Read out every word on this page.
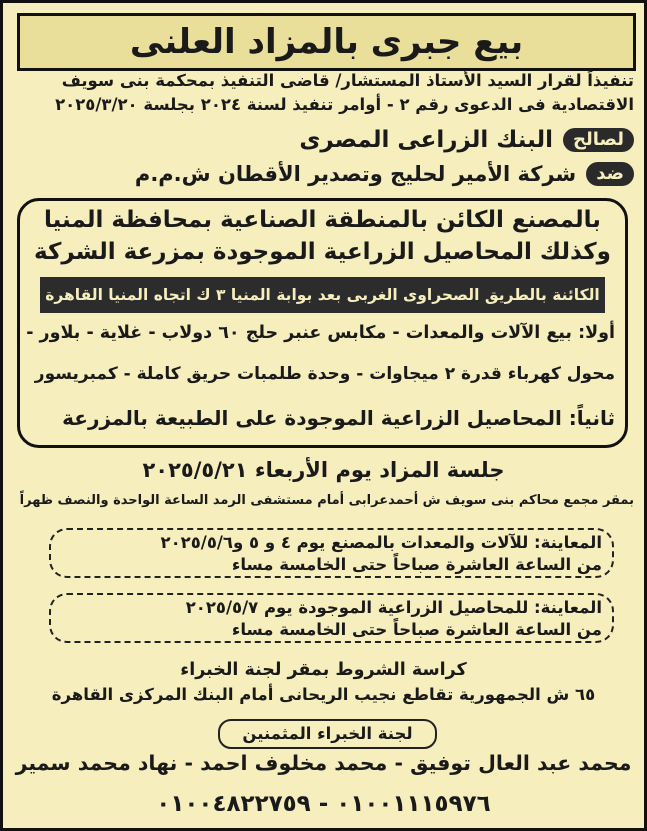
بيع جبرى بالمزاد العلنى
تنفيذاً لقرار السيد الأستاذ المستشار/ قاضى التنفيذ بمحكمة بنى سويف
الاقتصادية فى الدعوى رقم ٢ - أوامر تنفيذ لسنة ٢٠٢٤ بجلسة ٢٠٢٥/٣/٢٠
لصالح
البنك الزراعى المصرى
ضد
شركة الأمير لحليج وتصدير الأقطان ش.م.م
بالمصنع الكائن بالمنطقة الصناعية بمحافظة المنيا
وكذلك المحاصيل الزراعية الموجودة بمزرعة الشركة
الكائنة بالطريق الصحراوى الغربى بعد بوابة المنيا ٣ ك اتجاه المنيا القاهرة
أولا: بيع الآلات والمعدات - مكابس عنبر حلج ٦٠ دولاب - غلاية - بلاور -
محول كهرباء قدرة ٢ ميجاوات - وحدة طلمبات حريق كاملة - كمبريسور
ثانياً: المحاصيل الزراعية الموجودة على الطبيعة بالمزرعة
جلسة المزاد يوم الأربعاء ٢٠٢٥/٥/٢١
بمقر مجمع محاكم بنى سويف ش أحمدعرابى أمام مستشفى الرمد الساعة الواحدة والنصف ظهراً
المعاينة: للآلات والمعدات بالمصنع يوم ٤ و ٥ و٢٠٢٥/٥/٦
من الساعة العاشرة صباحاً حتى الخامسة مساء
المعاينة: للمحاصيل الزراعية الموجودة يوم ٢٠٢٥/٥/٧
من الساعة العاشرة صباحاً حتى الخامسة مساء
كراسة الشروط بمقر لجنة الخبراء
٦٥ ش الجمهورية تقاطع نجيب الريحانى أمام البنك المركزى القاهرة
لجنة الخبراء المثمنين
محمد عبد العال توفيق - محمد مخلوف احمد - نهاد محمد سمير
٠١٠٠١١١٥٩٧٦ - ٠١٠٠٤٨٢٢٧٥٩
